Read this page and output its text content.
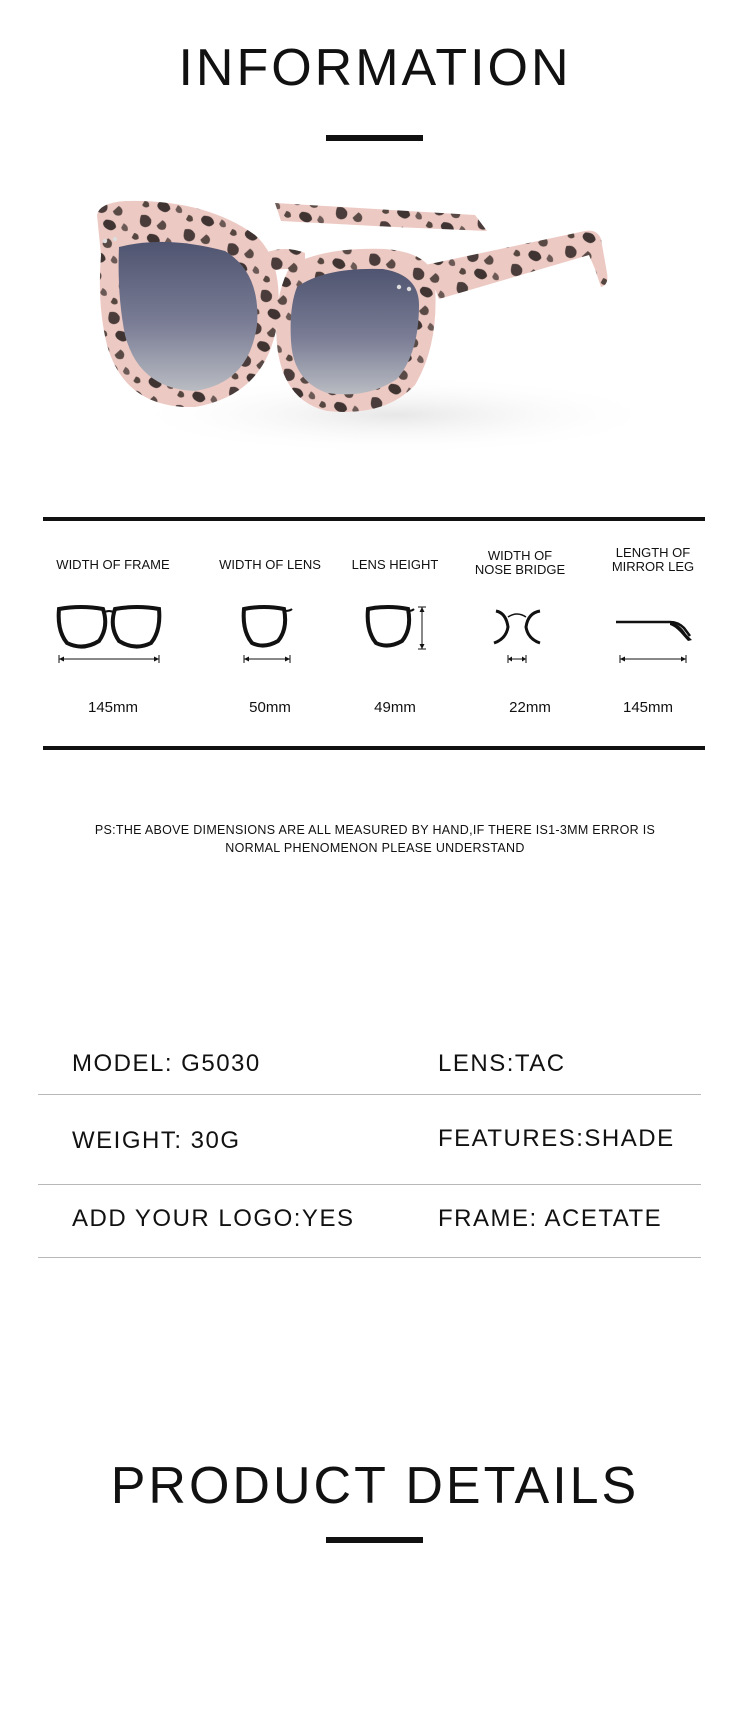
INFORMATION
WIDTH OF FRAME
145mm
WIDTH OF LENS
50mm
LENS HEIGHT
49mm
WIDTH OF
NOSE BRIDGE
22mm
LENGTH OF
MIRROR LEG
145mm
PS:THE ABOVE DIMENSIONS ARE ALL MEASURED BY HAND,IF THERE IS1-3MM ERROR IS
NORMAL PHENOMENON PLEASE UNDERSTAND
MODEL: G5030	LENS:TAC
WEIGHT: 30G	FEATURES:SHADE
ADD YOUR LOGO:YES	FRAME: ACETATE
PRODUCT DETAILS
